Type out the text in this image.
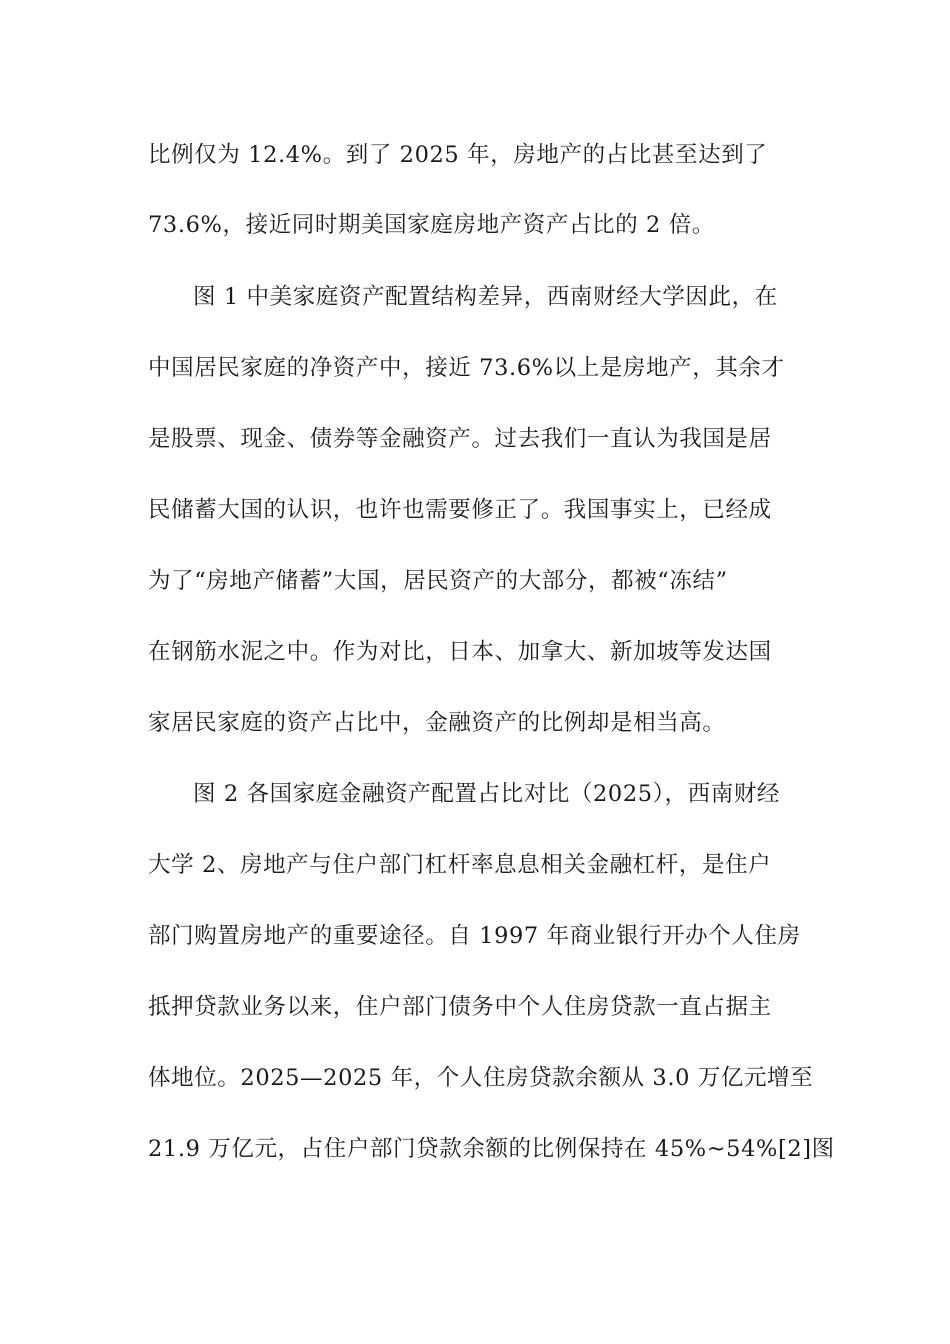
比例仅为 12.4%。到了 2025 年，房地产的占比甚至达到了
73.6%，接近同时期美国家庭房地产资产占比的 2 倍。
图 1 中美家庭资产配置结构差异，西南财经大学因此，在
中国居民家庭的净资产中，接近 73.6%以上是房地产，其余才
是股票、现金、债券等金融资产。过去我们一直认为我国是居
民储蓄大国的认识，也许也需要修正了。我国事实上，已经成
为了“房地产储蓄”大国，居民资产的大部分，都被“冻结”
在钢筋水泥之中。作为对比，日本、加拿大、新加坡等发达国
家居民家庭的资产占比中，金融资产的比例却是相当高。
图 2 各国家庭金融资产配置占比对比（2025），西南财经
大学 2、房地产与住户部门杠杆率息息相关金融杠杆，是住户
部门购置房地产的重要途径。自 1997 年商业银行开办个人住房
抵押贷款业务以来，住户部门债务中个人住房贷款一直占据主
体地位。2025—2025 年，个人住房贷款余额从 3.0 万亿元增至
21.9 万亿元，占住户部门贷款余额的比例保持在 45%~54%[2]图
